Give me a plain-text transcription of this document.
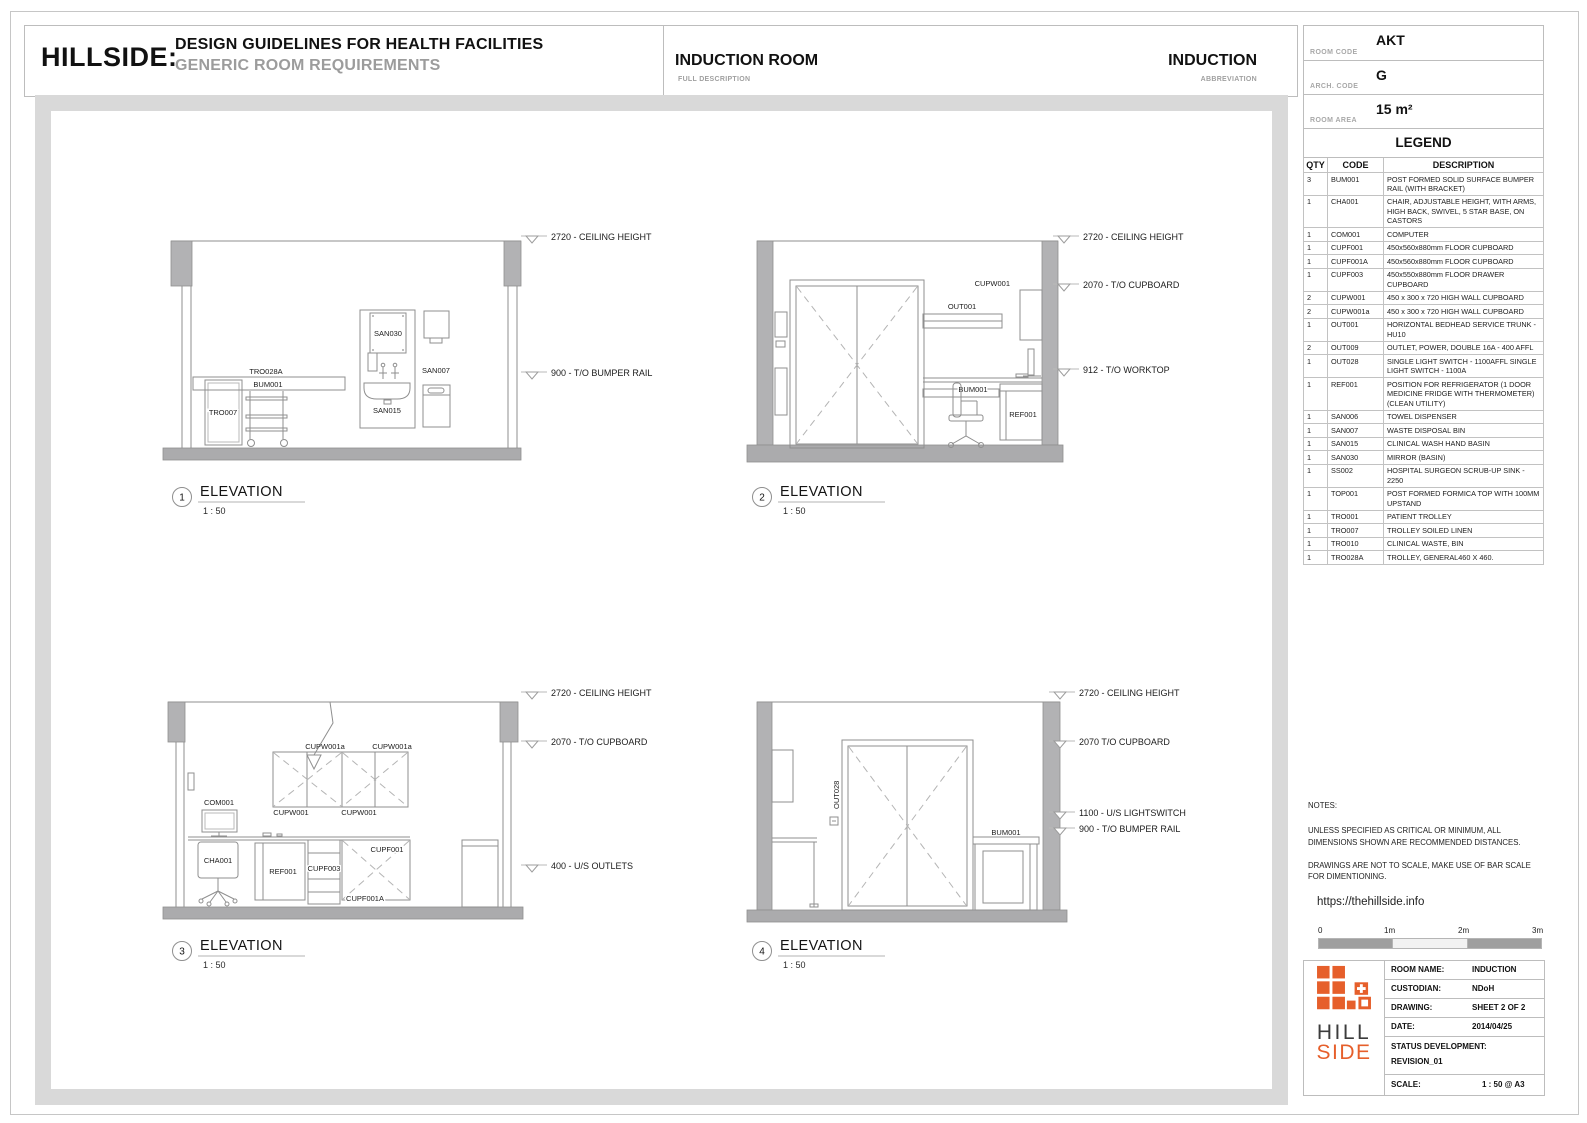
HILLSIDE:
DESIGN GUIDELINES FOR HEALTH FACILITIES
GENERIC ROOM REQUIREMENTS	INDUCTION ROOM
FULL DESCRIPTION
INDUCTION
ABBREVIATION
TRO007
TRO028A
BUM001
SAN030
SAN015
SAN007
2720 - CEILING HEIGHT
900 - T/O BUMPER RAIL
1 ELEVATION
1 : 50
OUT001
CUPW001
BUM001
REF001
2720 - CEILING HEIGHT
2070 - T/O CUPBOARD
912 - T/O WORKTOP
2 ELEVATION
1 : 50
CUPW001a	CUPW001a
CUPW001	CUPW001
COM001
CHA001
REF001 CUPF003
CUPF001
CUPF001A
2720 - CEILING HEIGHT
2070 - T/O CUPBOARD
400 - U/S OUTLETS
3 ELEVATION
1 : 50
OUT028
BUM001
2720 - CEILING HEIGHT
2070 T/O CUPBOARD
1100 - U/S LIGHTSWITCH
900 - T/O BUMPER RAIL
4 ELEVATION
1 : 50
ROOM CODE
AKT
ARCH. CODE
G
ROOM AREA
15 m²
LEGEND
QTY	CODE	DESCRIPTION
3	BUM001	POST FORMED SOLID SURFACE BUMPER RAIL (WITH BRACKET)
1	CHA001	CHAIR, ADJUSTABLE HEIGHT, WITH ARMS, HIGH BACK, SWIVEL, 5 STAR BASE, ON CASTORS
1	COM001	COMPUTER
1	CUPF001	450x560x880mm FLOOR CUPBOARD
1	CUPF001A	450x560x880mm FLOOR CUPBOARD
1	CUPF003	450x550x880mm FLOOR DRAWER CUPBOARD
2	CUPW001	450 x 300 x 720 HIGH WALL CUPBOARD
2	CUPW001a	450 x 300 x 720 HIGH WALL CUPBOARD
1	OUT001	HORIZONTAL BEDHEAD SERVICE TRUNK - HU10
2	OUT009	OUTLET, POWER, DOUBLE 16A - 400 AFFL
1	OUT028	SINGLE LIGHT SWITCH - 1100AFFL SINGLE LIGHT SWITCH - 1100A
1	REF001	POSITION FOR REFRIGERATOR (1 DOOR MEDICINE FRIDGE WITH THERMOMETER)(CLEAN UTILITY)
1	SAN006	TOWEL DISPENSER
1	SAN007	WASTE DISPOSAL BIN
1	SAN015	CLINICAL WASH HAND BASIN
1	SAN030	MIRROR (BASIN)
1	SS002	HOSPITAL SURGEON SCRUB-UP SINK - 2250
1	TOP001	POST FORMED FORMICA TOP WITH 100MM UPSTAND
1	TRO001	PATIENT TROLLEY
1	TRO007	TROLLEY SOILED LINEN
1	TRO010	CLINICAL WASTE, BIN
1	TRO028A	TROLLEY, GENERAL460 X 460.
NOTES:
UNLESS SPECIFIED AS CRITICAL OR MINIMUM, ALL DIMENSIONS SHOWN ARE RECOMMENDED DISTANCES.
DRAWINGS ARE NOT TO SCALE, MAKE USE OF BAR SCALE FOR DIMENTIONING.
https://thehillside.info
0	1m	2m	3m
HILL
SIDE
ROOM NAME:	INDUCTION
CUSTODIAN:	NDoH
DRAWING:	SHEET 2 OF 2
DATE:	2014/04/25
STATUS DEVELOPMENT:
REVISION_01
SCALE:	1 : 50 @ A3
